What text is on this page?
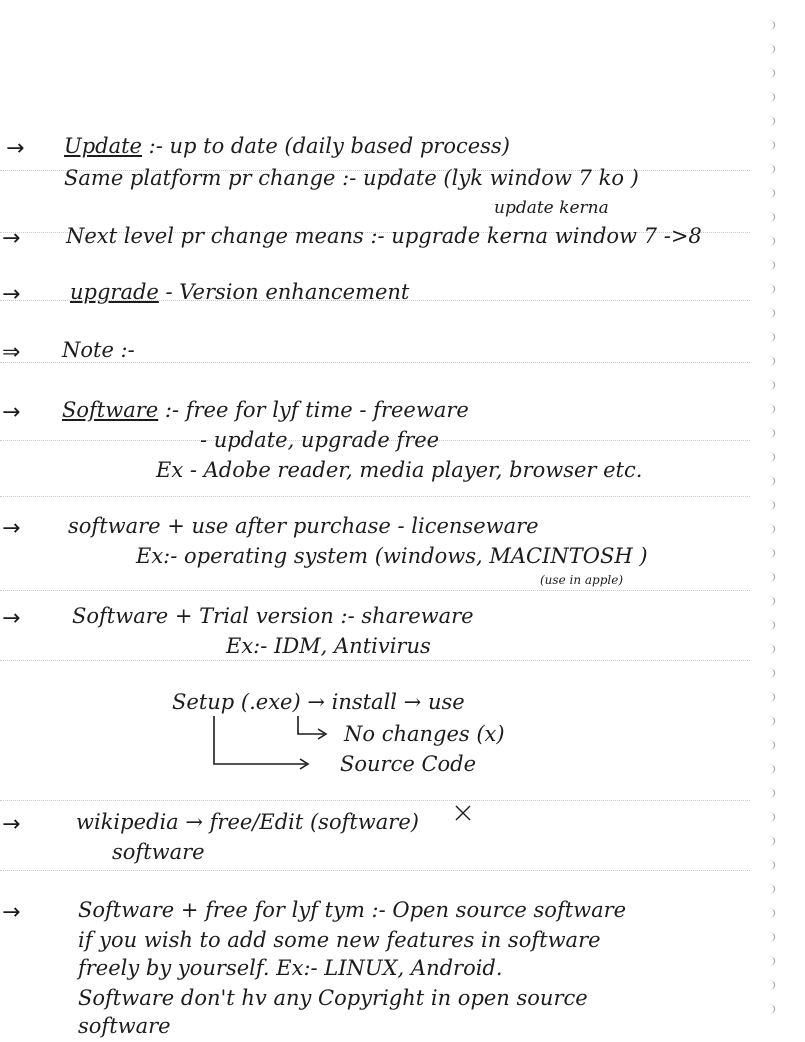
→ Update :- up to date (daily based process)
Same platform pr change :- update (lyk window 7 ko )
update kerna
→ Next level pr change means :- upgrade kerna window 7 ->8
→ upgrade - Version enhancement
⇒ Note :-
→ Software :- free for lyf time - freeware
- update, upgrade free
Ex - Adobe reader, media player, browser etc.
→ software + use after purchase - licenseware
Ex:- operating system (windows, MACINTOSH )
(use in apple)
→ Software + Trial version :- shareware
Ex:- IDM, Antivirus
Setup (.exe) → install → use
No changes (x)
Source Code
→	wikipedia → free/Edit (software)
software
→	Software + free for lyf tym :- Open source software
if you wish to add some new features in software
freely by yourself. Ex:- LINUX, Android.
Software don't hv any Copyright in open source
software
